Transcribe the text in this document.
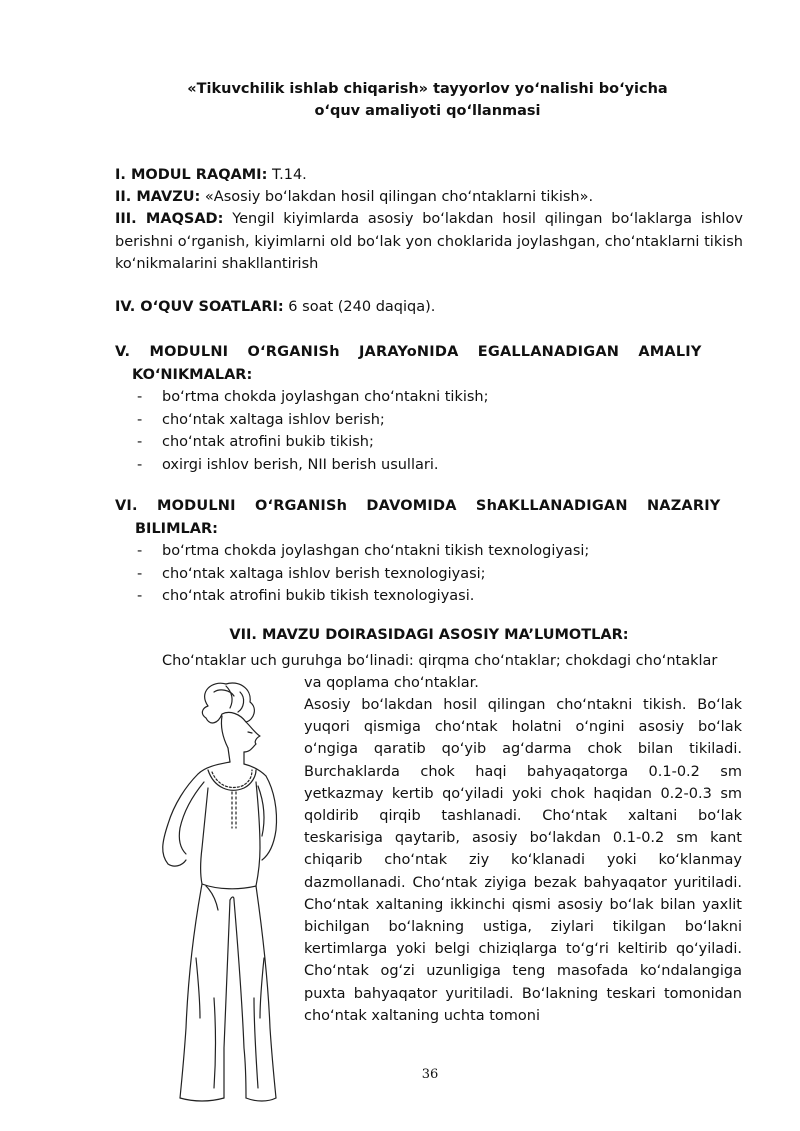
«Tikuvchilik ishlab chiqarish» tayyorlov yo‘nalishi bo‘yicha
o‘quv amaliyoti qo‘llanmasi
I. MODUL RAQAMI: T.14.
II. MAVZU: «Asosiy bo‘lakdan hosil qilingan cho‘ntaklarni tikish».
III. MAQSAD: Yengil kiyimlarda asosiy bo‘lakdan hosil qilingan bo‘laklarga ishlov berishni o‘rganish, kiyimlarni old bo‘lak yon choklarida joylashgan, cho‘ntaklarni tikish ko‘nikmalarini shakllantirish
IV. O‘QUV SOATLARI: 6 soat (240 daqiqa).
V. MODULNI O‘RGANISh JARAYoNIDA EGALLANADIGAN AMALIY
KO‘NIKMALAR:
- bo‘rtma chokda joylashgan cho‘ntakni tikish;
- cho‘ntak xaltaga ishlov berish;
- cho‘ntak atrofini bukib tikish;
- oxirgi ishlov berish, NII berish usullari.
VI. MODULNI O‘RGANISh DAVOMIDA ShAKLLANADIGAN NAZARIY
BILIMLAR:
- bo‘rtma chokda joylashgan cho‘ntakni tikish texnologiyasi;
- cho‘ntak xaltaga ishlov berish texnologiyasi;
- cho‘ntak atrofini bukib tikish texnologiyasi.
VII. MAVZU DOIRASIDAGI ASOSIY MA’LUMOTLAR:
Cho‘ntaklar uch guruhga bo‘linadi: qirqma cho‘ntaklar; chokdagi cho‘ntaklar
va qoplama cho‘ntaklar.
Asosiy bo‘lakdan hosil qilingan cho‘ntakni tikish. Bo‘lak yuqori qismiga cho‘ntak holatni o‘ngini asosiy bo‘lak o‘ngiga qaratib qo‘yib ag‘darma chok bilan tikiladi. Burchaklarda chok haqi bahyaqatorga 0.1-0.2 sm yetkazmay kertib qo‘yiladi yoki chok haqidan 0.2-0.3 sm qoldirib qirqib tashlanadi. Cho‘ntak xaltani bo‘lak teskarisiga qaytarib, asosiy bo‘lakdan 0.1-0.2 sm kant chiqarib cho‘ntak ziy ko‘klanadi yoki ko‘klanmay dazmollanadi. Cho‘ntak ziyiga bezak bahyaqator yuritiladi. Cho‘ntak xaltaning ikkinchi qismi asosiy bo‘lak bilan yaxlit bichilgan bo‘lakning ustiga, ziylari tikilgan bo‘lakni kertimlarga yoki belgi chiziqlarga to‘g‘ri keltirib qo‘yiladi. Cho‘ntak og‘zi uzunligiga teng masofada ko‘ndalangiga puxta bahyaqator yuritiladi. Bo‘lakning teskari tomonidan cho‘ntak xaltaning uchta tomoni
36
